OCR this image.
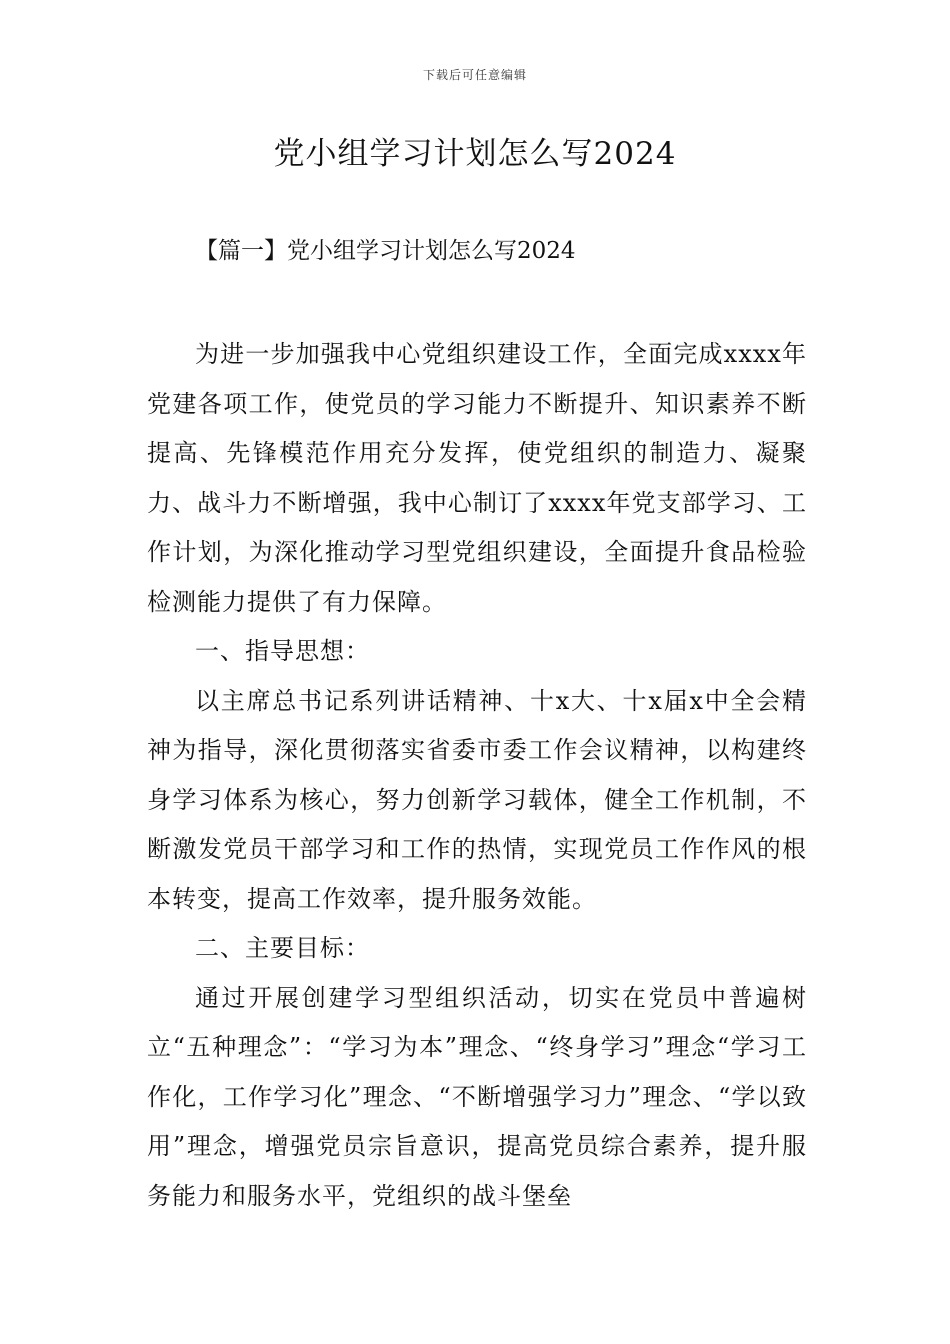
下载后可任意编辑
党小组学习计划怎么写2024
【篇一】党小组学习计划怎么写2024

为进一步加强我中心党组织建设工作，全面完成xxxx年党建各项工作，使党员的学习能力不断提升、知识素养不断提高、先锋模范作用充分发挥，使党组织的制造力、凝聚力、战斗力不断增强，我中心制订了xxxx年党支部学习、工作计划，为深化推动学习型党组织建设，全面提升食品检验检测能力提供了有力保障。

一、指导思想：

以主席总书记系列讲话精神、十x大、十x届x中全会精神为指导，深化贯彻落实省委市委工作会议精神，以构建终身学习体系为核心，努力创新学习载体，健全工作机制，不断激发党员干部学习和工作的热情，实现党员工作作风的根本转变，提高工作效率，提升服务效能。

二、主要目标：

通过开展创建学习型组织活动，切实在党员中普遍树立“五种理念”：“学习为本”理念、“终身学习”理念“学习工作化，工作学习化”理念、“不断增强学习力”理念、“学以致用”理念，增强党员宗旨意识，提高党员综合素养，提升服务能力和服务水平，党组织的战斗堡垒
